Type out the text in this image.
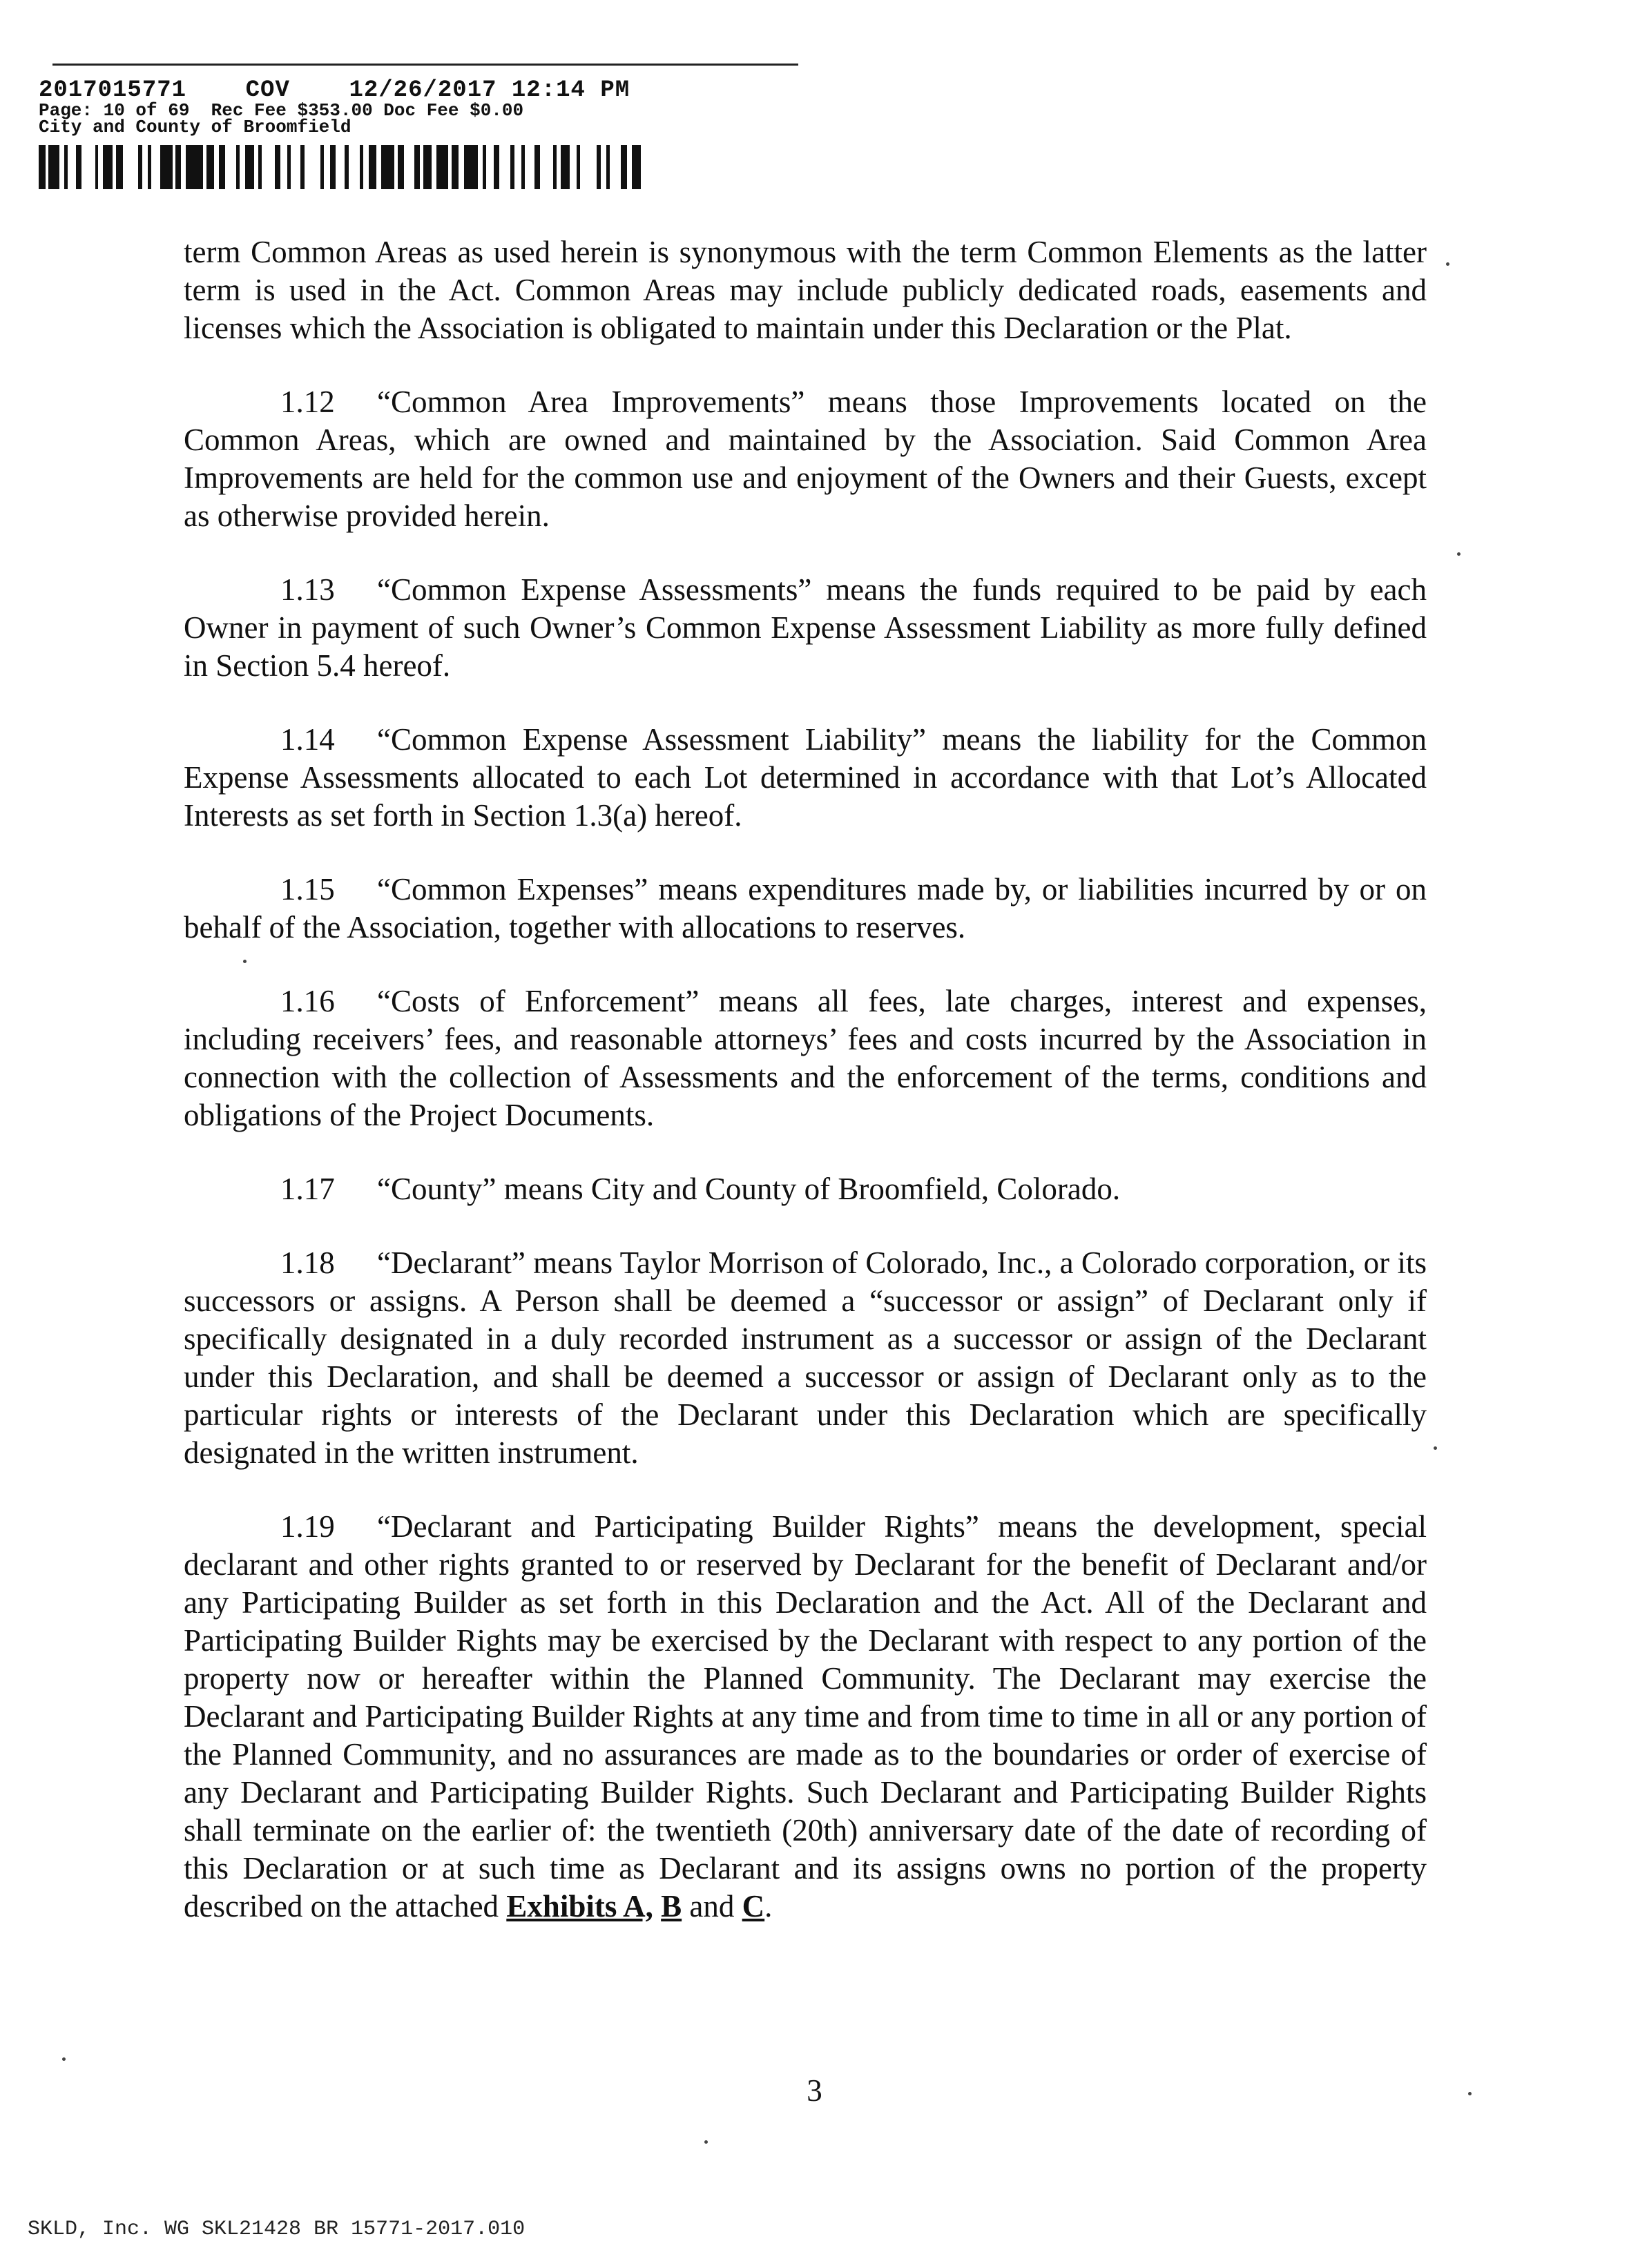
2017015771    COV    12/26/2017 12:14 PM
Page: 10 of 69  Rec Fee $353.00 Doc Fee $0.00
City and County of Broomfield

term Common Areas as used herein is synonymous with the term Common Elements as the latter term is used in the Act. Common Areas may include publicly dedicated roads, easements and licenses which the Association is obligated to maintain under this Declaration or the Plat.

1.12 “Common Area Improvements” means those Improvements located on the Common Areas, which are owned and maintained by the Association. Said Common Area Improvements are held for the common use and enjoyment of the Owners and their Guests, except as otherwise provided herein.

1.13 “Common Expense Assessments” means the funds required to be paid by each Owner in payment of such Owner’s Common Expense Assessment Liability as more fully defined in Section 5.4 hereof.

1.14 “Common Expense Assessment Liability” means the liability for the Common Expense Assessments allocated to each Lot determined in accordance with that Lot’s Allocated Interests as set forth in Section 1.3(a) hereof.

1.15 “Common Expenses” means expenditures made by, or liabilities incurred by or on behalf of the Association, together with allocations to reserves.

1.16 “Costs of Enforcement” means all fees, late charges, interest and expenses, including receivers’ fees, and reasonable attorneys’ fees and costs incurred by the Association in connection with the collection of Assessments and the enforcement of the terms, conditions and obligations of the Project Documents.

1.17 “County” means City and County of Broomfield, Colorado.

1.18 “Declarant” means Taylor Morrison of Colorado, Inc., a Colorado corporation, or its successors or assigns. A Person shall be deemed a “successor or assign” of Declarant only if specifically designated in a duly recorded instrument as a successor or assign of the Declarant under this Declaration, and shall be deemed a successor or assign of Declarant only as to the particular rights or interests of the Declarant under this Declaration which are specifically designated in the written instrument.

1.19 “Declarant and Participating Builder Rights” means the development, special declarant and other rights granted to or reserved by Declarant for the benefit of Declarant and/or any Participating Builder as set forth in this Declaration and the Act. All of the Declarant and Participating Builder Rights may be exercised by the Declarant with respect to any portion of the property now or hereafter within the Planned Community. The Declarant may exercise the Declarant and Participating Builder Rights at any time and from time to time in all or any portion of the Planned Community, and no assurances are made as to the boundaries or order of exercise of any Declarant and Participating Builder Rights. Such Declarant and Participating Builder Rights shall terminate on the earlier of: the twentieth (20th) anniversary date of the date of recording of this Declaration or at such time as Declarant and its assigns owns no portion of the property described on the attached Exhibits A, B and C.

3
SKLD, Inc. WG SKL21428 BR 15771-2017.010
